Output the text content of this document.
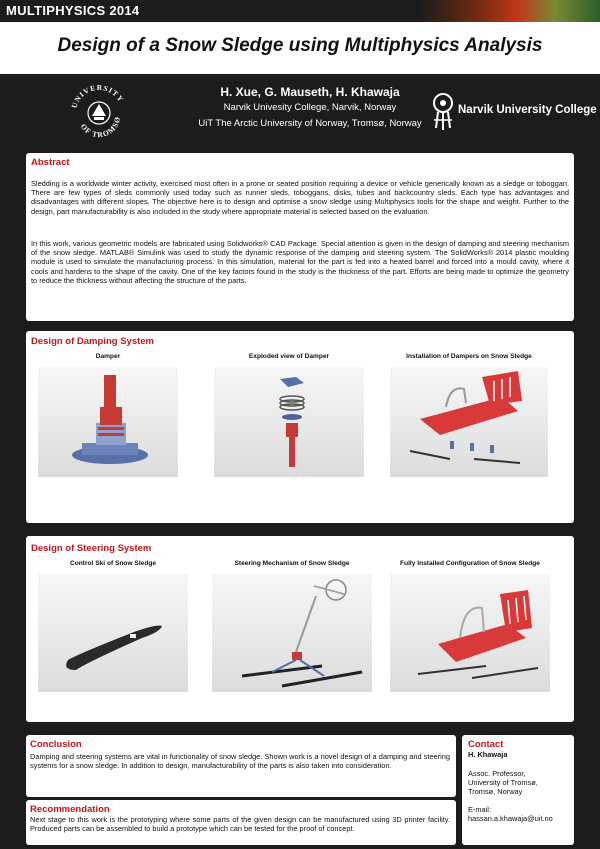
MULTIPHYSICS 2014
Design of a Snow Sledge using Multiphysics Analysis
H. Xue, G. Mauseth, H. Khawaja
Narvik Univesity College, Narvik, Norway
UiT The Arctic University of Norway, Tromsø, Norway
UNIVERSITY
OF TROMSØ
Narvik University College
Abstract
Sledding is a worldwide winter activity, exercised most often in a prone or seated position requiring a device or vehicle generically known as a sledge or toboggan. There are few types of sleds commonly used today such as runner sleds, toboggans, disks, tubes and backcountry sleds. Each type has advantages and disadvantages with different slopes. The objective here is to design and optimise a snow sledge using Multiphysics tools for the shape and weight. Further to the design, part manufacturability is also included in the study where appropriate material is selected based on the evaluation.
In this work, various geometric models are fabricated using Solidworks® CAD Package. Special attention is given in the design of damping and steering mechanism of the snow sledge. MATLAB® Simulink was used to study the dynamic response of the damping and steering system. The SolidWorks® 2014 plastic moulding module is used to simulate the manufacturing process. In this simulation, material for the part is fed into a heated barrel and forced into a mould cavity, where it cools and hardens to the shape of the cavity. One of the key factors found in the study is the thickness of the part. Efforts are being made to optimize the geometry to reduce the thickness without affecting the structure of the parts.
Design of Damping System
Damper	Exploded view of Damper	Installation of Dampers on Snow Sledge
Design of Steering System
Control Ski of Snow Sledge	Steering Mechanism of Snow Sledge	Fully Installed Configuration of Snow Sledge
Conclusion
Damping and steering systems are vital in functionality of snow sledge. Shown work is a novel design of a damping and steering systems for a snow sledge. In addition to design, manufacturability of the parts is also taken into consideration.
Recommendation
Next stage to this work is the prototyping where some parts of the given design can be manufactured using 3D printer facility. Produced parts can be assembled to build a prototype which can be tested for the proof of concept.
Contact
H. Khawaja
Assoc. Professor,
University of Tromsø,
Tromsø, Norway
E-mail:
hassan.a.khawaja@uit.no
